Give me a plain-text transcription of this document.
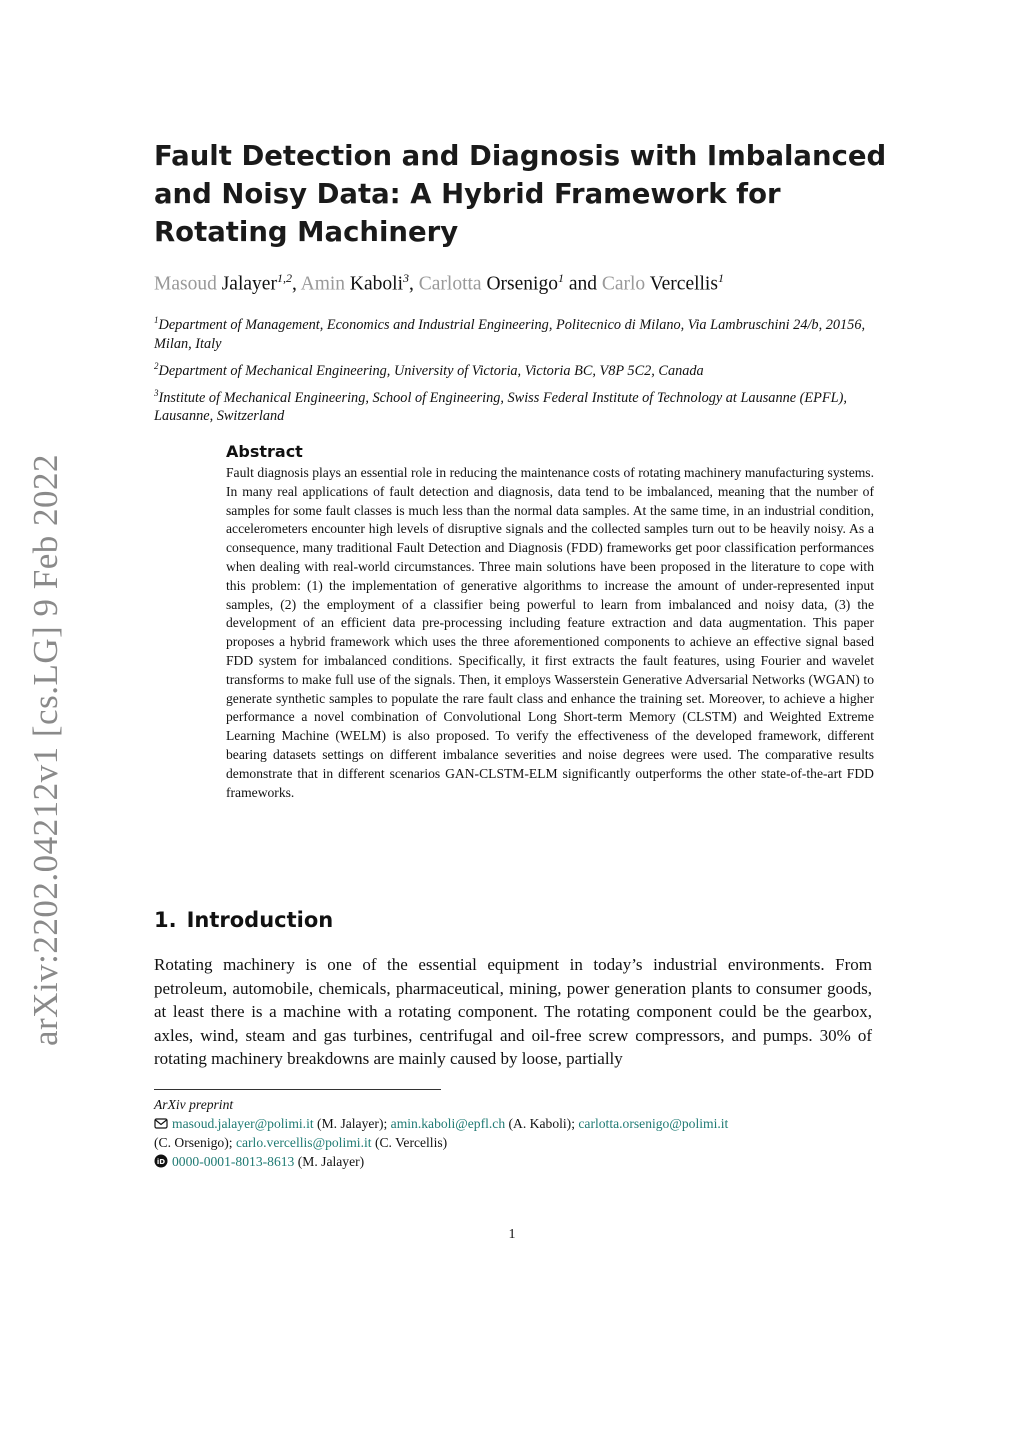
arXiv:2202.04212v1 [cs.LG] 9 Feb 2022
Fault Detection and Diagnosis with Imbalanced and Noisy Data: A Hybrid Framework for Rotating Machinery
Masoud Jalayer$^{1,2}$, Amin Kaboli$^3$, Carlotta Orsenigo$^1$ and Carlo Vercellis$^1$

$^1$Department of Management, Economics and Industrial Engineering, Politecnico di Milano, Via Lambruschini 24/b, 20156, Milan, Italy

$^2$Department of Mechanical Engineering, University of Victoria, Victoria BC, V8P 5C2, Canada

$^3$Institute of Mechanical Engineering, School of Engineering, Swiss Federal Institute of Technology at Lausanne (EPFL), Lausanne, Switzerland

Abstract

Fault diagnosis plays an essential role in reducing the maintenance costs of rotating machinery manufacturing systems. In many real applications of fault detection and diagnosis, data tend to be imbalanced, meaning that the number of samples for some fault classes is much less than the normal data samples. At the same time, in an industrial condition, accelerometers encounter high levels of disruptive signals and the collected samples turn out to be heavily noisy. As a consequence, many traditional Fault Detection and Diagnosis (FDD) frameworks get poor classification performances when dealing with real-world circumstances. Three main solutions have been proposed in the literature to cope with this problem: (1) the implementation of generative algorithms to increase the amount of under-represented input samples, (2) the employment of a classifier being powerful to learn from imbalanced and noisy data, (3) the development of an efficient data pre-processing including feature extraction and data augmentation. This paper proposes a hybrid framework which uses the three aforementioned components to achieve an effective signal based FDD system for imbalanced conditions. Specifically, it first extracts the fault features, using Fourier and wavelet transforms to make full use of the signals. Then, it employs Wasserstein Generative Adversarial Networks (WGAN) to generate synthetic samples to populate the rare fault class and enhance the training set. Moreover, to achieve a higher performance a novel combination of Convolutional Long Short-term Memory (CLSTM) and Weighted Extreme Learning Machine (WELM) is also proposed. To verify the effectiveness of the developed framework, different bearing datasets settings on different imbalance severities and noise degrees were used. The comparative results demonstrate that in different scenarios GAN-CLSTM-ELM significantly outperforms the other state-of-the-art FDD frameworks.

1. Introduction

Rotating machinery is one of the essential equipment in today’s industrial environments. From petroleum, automobile, chemicals, pharmaceutical, mining, power generation plants to consumer goods, at least there is a machine with a rotating component. The rotating component could be the gearbox, axles, wind, steam and gas turbines, centrifugal and oil-free screw compressors, and pumps. 30% of rotating machinery breakdowns are mainly caused by loose, partially

ArXiv preprint

masoud.jalayer@polimi.it (M. Jalayer); amin.kaboli@epfl.ch (A. Kaboli); carlotta.orsenigo@polimi.it
(C. Orsenigo); carlo.vercellis@polimi.it (C. Vercellis)

iD 0000-0001-8013-8613 (M. Jalayer)

1
